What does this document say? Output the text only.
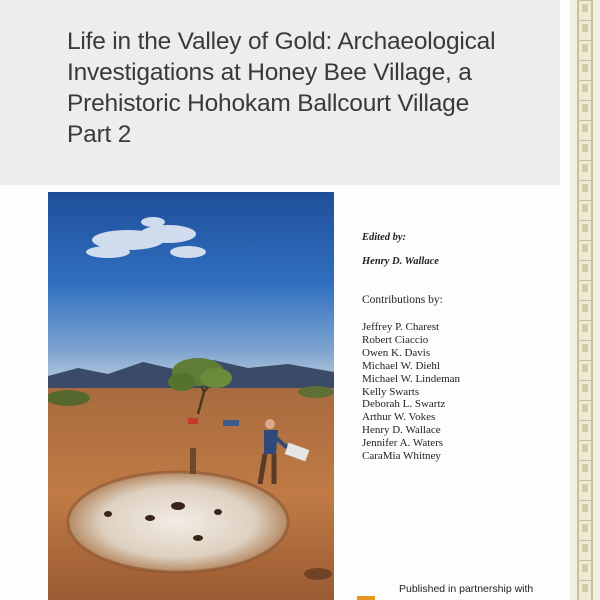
Life in the Valley of Gold: Archaeological
Investigations at Honey Bee Village, a
Prehistoric Hohokam Ballcourt Village
Part 2

Edited by:

Henry D. Wallace

Contributions by:

Jeffrey P. Charest
Robert Ciaccio
Owen K. Davis
Michael W. Diehl
Michael W. Lindeman
Kelly Swarts
Deborah L. Swartz
Arthur W. Vokes
Henry D. Wallace
Jennifer A. Waters
CaraMia Whitney
Published in partnership with
